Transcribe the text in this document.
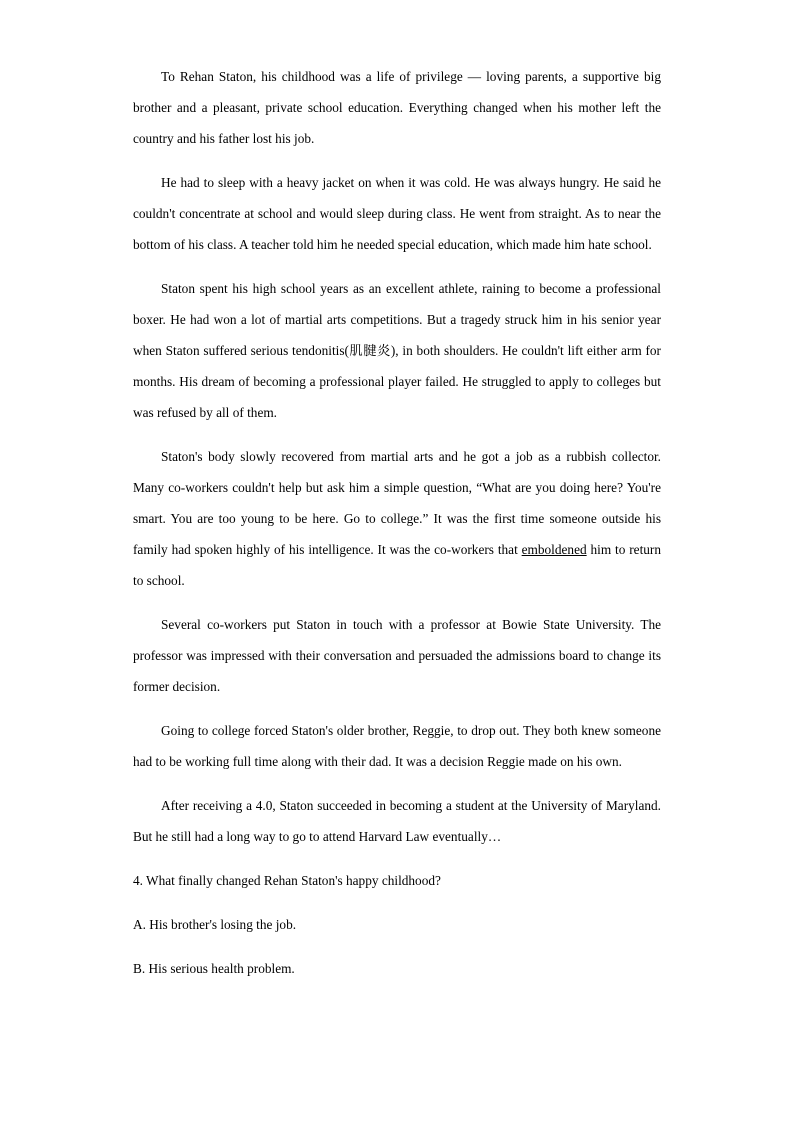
To Rehan Staton, his childhood was a life of privilege — loving parents, a supportive big brother and a pleasant, private school education. Everything changed when his mother left the country and his father lost his job.

He had to sleep with a heavy jacket on when it was cold. He was always hungry. He said he couldn't concentrate at school and would sleep during class. He went from straight. As to near the bottom of his class. A teacher told him he needed special education, which made him hate school.

Staton spent his high school years as an excellent athlete, raining to become a professional boxer. He had won a lot of martial arts competitions. But a tragedy struck him in his senior year when Staton suffered serious tendonitis(肌腱炎), in both shoulders. He couldn't lift either arm for months. His dream of becoming a professional player failed. He struggled to apply to colleges but was refused by all of them.

Staton's body slowly recovered from martial arts and he got a job as a rubbish collector. Many co-workers couldn't help but ask him a simple question, “What are you doing here? You're smart. You are too young to be here. Go to college.” It was the first time someone outside his family had spoken highly of his intelligence. It was the co-workers that emboldened him to return to school.

Several co-workers put Staton in touch with a professor at Bowie State University. The professor was impressed with their conversation and persuaded the admissions board to change its former decision.

Going to college forced Staton's older brother, Reggie, to drop out. They both knew someone had to be working full time along with their dad. It was a decision Reggie made on his own.

After receiving a 4.0, Staton succeeded in becoming a student at the University of Maryland. But he still had a long way to go to attend Harvard Law eventually…

4. What finally changed Rehan Staton's happy childhood?

A. His brother's losing the job.

B. His serious health problem.
